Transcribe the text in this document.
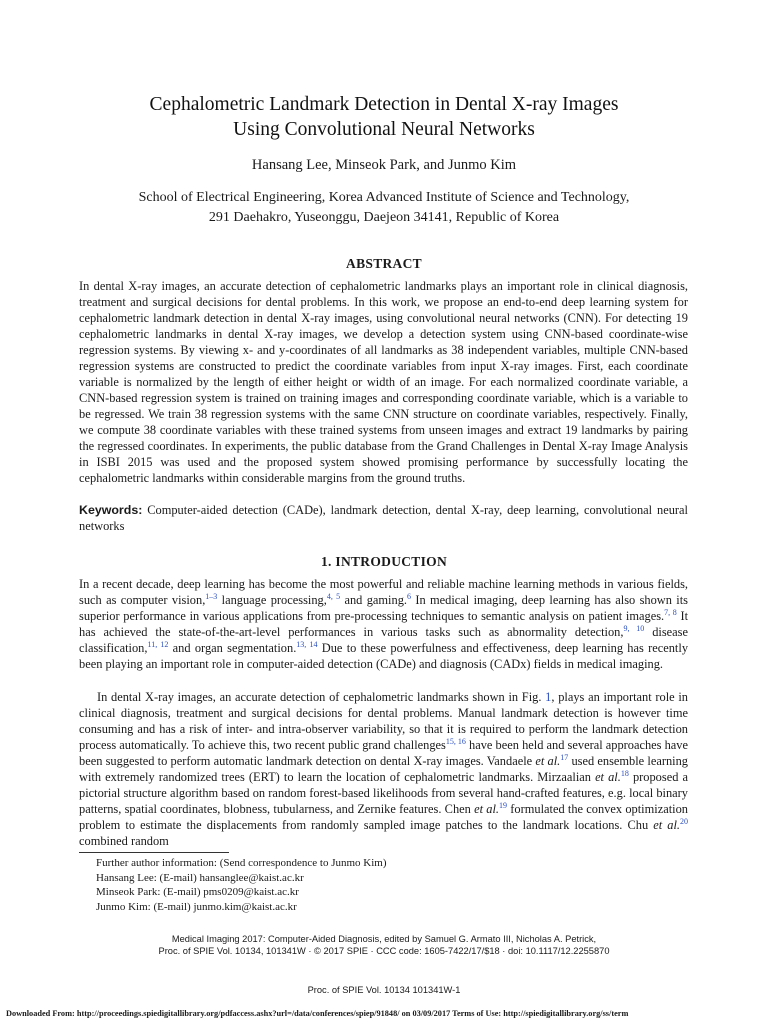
Cephalometric Landmark Detection in Dental X-ray Images
Using Convolutional Neural Networks
Hansang Lee, Minseok Park, and Junmo Kim
School of Electrical Engineering, Korea Advanced Institute of Science and Technology,
291 Daehakro, Yuseonggu, Daejeon 34141, Republic of Korea
ABSTRACT
In dental X-ray images, an accurate detection of cephalometric landmarks plays an important role in clinical diagnosis, treatment and surgical decisions for dental problems. In this work, we propose an end-to-end deep learning system for cephalometric landmark detection in dental X-ray images, using convolutional neural networks (CNN). For detecting 19 cephalometric landmarks in dental X-ray images, we develop a detection system using CNN-based coordinate-wise regression systems. By viewing x- and y-coordinates of all landmarks as 38 independent variables, multiple CNN-based regression systems are constructed to predict the coordinate variables from input X-ray images. First, each coordinate variable is normalized by the length of either height or width of an image. For each normalized coordinate variable, a CNN-based regression system is trained on training images and corresponding coordinate variable, which is a variable to be regressed. We train 38 regression systems with the same CNN structure on coordinate variables, respectively. Finally, we compute 38 coordinate variables with these trained systems from unseen images and extract 19 landmarks by pairing the regressed coordinates. In experiments, the public database from the Grand Challenges in Dental X-ray Image Analysis in ISBI 2015 was used and the proposed system showed promising performance by successfully locating the cephalometric landmarks within considerable margins from the ground truths.
Keywords: Computer-aided detection (CADe), landmark detection, dental X-ray, deep learning, convolutional neural networks
1. INTRODUCTION
In a recent decade, deep learning has become the most powerful and reliable machine learning methods in various fields, such as computer vision,$^{1-3}$ language processing,$^{4, 5}$ and gaming.$^6$ In medical imaging, deep learning has also shown its superior performance in various applications from pre-processing techniques to semantic analysis on patient images.$^{7, 8}$ It has achieved the state-of-the-art-level performances in various tasks such as abnormality detection,$^{9, 10}$ disease classification,$^{11, 12}$ and organ segmentation.$^{13, 14}$ Due to these powerfulness and effectiveness, deep learning has recently been playing an important role in computer-aided detection (CADe) and diagnosis (CADx) fields in medical imaging.
In dental X-ray images, an accurate detection of cephalometric landmarks shown in Fig. 1, plays an important role in clinical diagnosis, treatment and surgical decisions for dental problems. Manual landmark detection is however time consuming and has a risk of inter- and intra-observer variability, so that it is required to perform the landmark detection process automatically. To achieve this, two recent public grand challenges$^{15, 16}$ have been held and several approaches have been suggested to perform automatic landmark detection on dental X-ray images. Vandaele et al.$^{17}$ used ensemble learning with extremely randomized trees (ERT) to learn the location of cephalometric landmarks. Mirzaalian et al.$^{18}$ proposed a pictorial structure algorithm based on random forest-based likelihoods from several hand-crafted features, e.g. local binary patterns, spatial coordinates, blobness, tubularness, and Zernike features. Chen et al.$^{19}$ formulated the convex optimization problem to estimate the displacements from randomly sampled image patches to the landmark locations. Chu et al.$^{20}$ combined random
Further author information: (Send correspondence to Junmo Kim)
Hansang Lee: (E-mail) hansanglee@kaist.ac.kr
Minseok Park: (E-mail) pms0209@kaist.ac.kr
Junmo Kim: (E-mail) junmo.kim@kaist.ac.kr
Medical Imaging 2017: Computer-Aided Diagnosis, edited by Samuel G. Armato III, Nicholas A. Petrick,
Proc. of SPIE Vol. 10134, 101341W · © 2017 SPIE · CCC code: 1605-7422/17/$18 · doi: 10.1117/12.2255870
Proc. of SPIE Vol. 10134 101341W-1
Downloaded From: http://proceedings.spiedigitallibrary.org/pdfaccess.ashx?url=/data/conferences/spiep/91848/ on 03/09/2017 Terms of Use: http://spiedigitallibrary.org/ss/term
